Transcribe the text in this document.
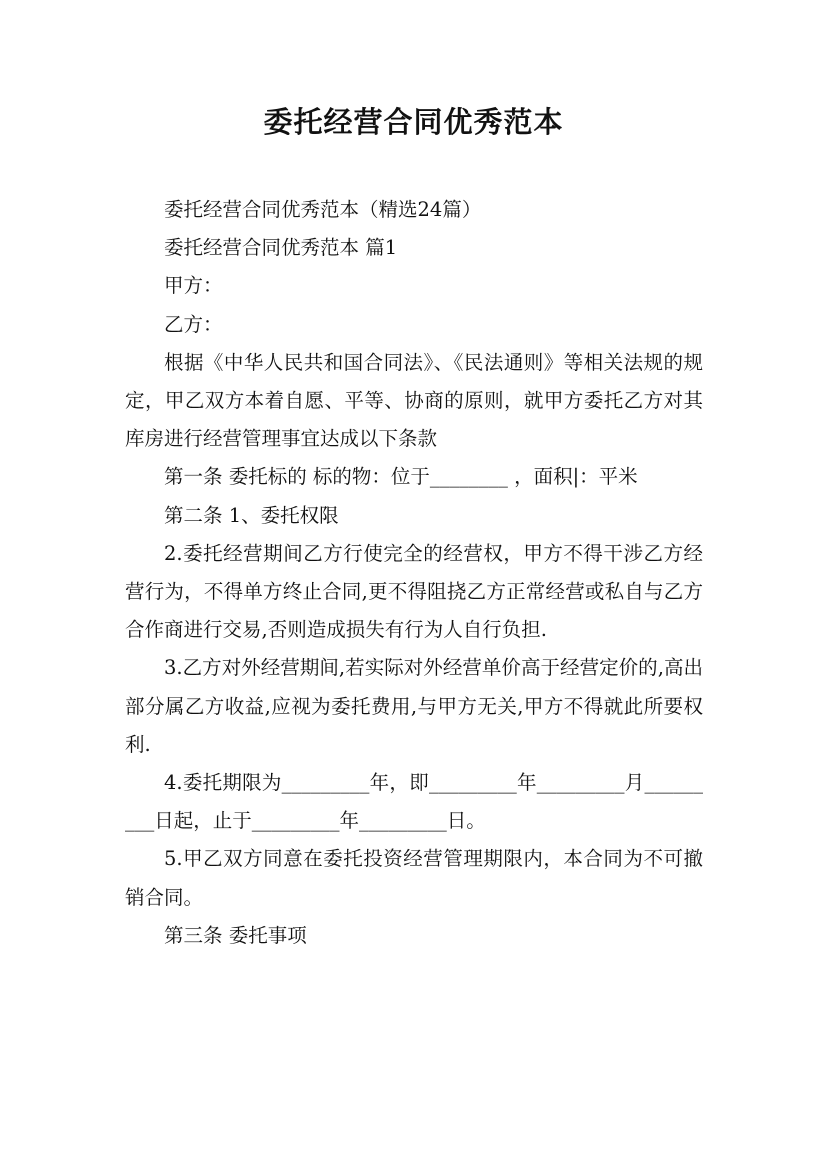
委托经营合同优秀范本

委托经营合同优秀范本（精选24篇）

委托经营合同优秀范本 篇1

甲方：

乙方：

根据《中华人民共和国合同法》、《民法通则》等相关法规的规定，甲乙双方本着自愿、平等、协商的原则，就甲方委托乙方对其库房进行经营管理事宜达成以下条款

第一条 委托标的 标的物：位于________ ，面积|：平米

第二条 1、委托权限

2.委托经营期间乙方行使完全的经营权，甲方不得干涉乙方经营行为，不得单方终止合同,更不得阻挠乙方正常经营或私自与乙方合作商进行交易,否则造成损失有行为人自行负担.

3.乙方对外经营期间,若实际对外经营单价高于经营定价的,高出部分属乙方收益,应视为委托费用,与甲方无关,甲方不得就此所要权利.

4.委托期限为_________年，即_________年_________月_________日起，止于_________年_________日。

5.甲乙双方同意在委托投资经营管理期限内，本合同为不可撤销合同。

第三条 委托事项
